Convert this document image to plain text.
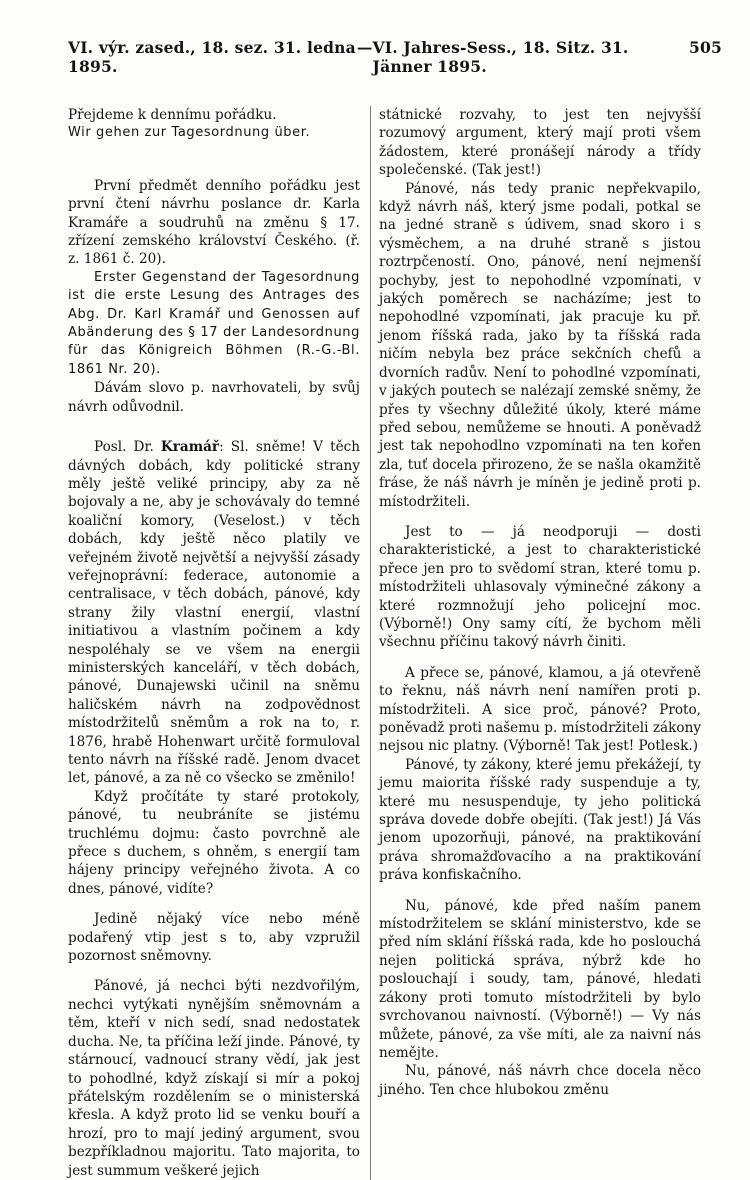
VI. výr. zased., 18. sez. 31. ledna 1895.
— VI. Jahres-Sess., 18. Sitz. 31. Jänner 1895.
505

Přejdeme k dennímu pořádku.

Wir gehen zur Tagesordnung über.

První předmět denního pořádku jest první čtení návrhu poslance dr. Karla Kramáře a soudruhů na změnu § 17. zřízení zemského království Českého. (ř. z. 1861 č. 20).

Erster Gegenstand der Tagesordnung ist die erste Lesung des Antrages des Abg. Dr. Karl Kramář und Genossen auf Abänderung des § 17 der Landesordnung für das Königreich Böhmen (R.-G.-Bl. 1861 Nr. 20).

Dávám slovo p. navrhovateli, by svůj návrh odůvodnil.

Posl. Dr. Kramář: Sl. sněme! V těch dávných dobách, kdy politické strany měly ještě veliké principy, aby za ně bojovaly a ne, aby je schovávaly do temné koaliční komory, (Veselost.) v těch dobách, kdy ještě něco platily ve veřejném životě největší a nejvyšší zásady veřejnoprávní: federace, autonomie a centralisace, v těch dobách, pánové, kdy strany žily vlastní energií, vlastní initiativou a vlastním počinem a kdy nespoléhaly se ve všem na energii ministerských kanceláří, v těch dobách, pánové, Dunajewski učinil na sněmu haličském návrh na zodpovědnost místodržitelů sněmům a rok na to, r. 1876, hrabě Hohenwart určitě formuloval tento návrh na říšské radě. Jenom dvacet let, pánové, a za ně co všecko se změnilo!

Když pročítáte ty staré protokoly, pánové, tu neubráníte se jistému truchlému dojmu: často povrchně ale přece s duchem, s ohněm, s energií tam hájeny principy veřejného života. A co dnes, pánové, vidíte?

Jedině nějaký více nebo méně podařený vtip jest s to, aby vzpružil pozornost sněmovny.

Pánové, já nechci býti nezdvořilým, nechci vytýkati nynějším sněmovnám a těm, kteří v nich sedí, snad nedostatek ducha. Ne, ta příčina leží jinde. Pánové, ty stárnoucí, vadnoucí strany vědí, jak jest to pohodlné, když získají si mír a pokoj přátelským rozdělením se o ministerská křesla. A když proto lid se venku bouří a hrozí, pro to mají jediný argument, svou bezpříkladnou majoritu. Tato majorita, to jest summum veškeré jejich

státnické rozvahy, to jest ten nejvyšší rozumový argument, který mají proti všem žádostem, které pronášejí národy a třídy společenské. (Tak jest!)

Pánové, nás tedy pranic nepřekvapilo, když návrh náš, který jsme podali, potkal se na jedné straně s údivem, snad skoro i s výsměchem, a na druhé straně s jistou roztrpčeností. Ono, pánové, není nejmenší pochyby, jest to nepohodlné vzpomínati, v jakých poměrech se nacházíme; jest to nepohodlné vzpomínati, jak pracuje ku př. jenom říšská rada, jako by ta říšská rada ničím nebyla bez práce sekčních chefů a dvorních radův. Není to pohodlné vzpomínati, v jakých poutech se nalézají zemské sněmy, že přes ty všechny důležité úkoly, které máme před sebou, nemůžeme se hnouti. A poněvadž jest tak nepohodlno vzpomínati na ten kořen zla, tuť docela přirozeno, že se našla okamžitě fráse, že náš návrh je míněn je jedině proti p. místodržiteli.

Jest to — já neodporuji — dosti charakteristické, a jest to charakteristické přece jen pro to svědomí stran, které tomu p. místodržiteli uhlasovaly výminečné zákony a které rozmnožují jeho policejní moc. (Výborně!) Ony samy cítí, že bychom měli všechnu příčinu takový návrh činiti.

A přece se, pánové, klamou, a já otevřeně to řeknu, náš návrh není namířen proti p. místodržiteli. A sice proč, pánové? Proto, poněvadž proti našemu p. místodržiteli zákony nejsou nic platny. (Výborně! Tak jest! Potlesk.)

Pánové, ty zákony, které jemu překážejí, ty jemu maiorita říšské rady suspenduje a ty, které mu nesuspenduje, ty jeho politická správa dovede dobře obejíti. (Tak jest!) Já Vás jenom upozorňuji, pánové, na praktikování práva shromažďovacího a na praktikování práva konfiskačního.

Nu, pánové, kde před naším panem místodržitelem se sklání ministerstvo, kde se před ním sklání říšská rada, kde ho poslouchá nejen politická správa, nýbrž kde ho poslouchají i soudy, tam, pánové, hledati zákony proti tomuto místodržiteli by bylo svrchovanou naivností. (Výborně!) — Vy nás můžete, pánové, za vše míti, ale za naivní nás nemějte.

Nu, pánové, náš návrh chce docela něco jiného. Ten chce hlubokou změnu
